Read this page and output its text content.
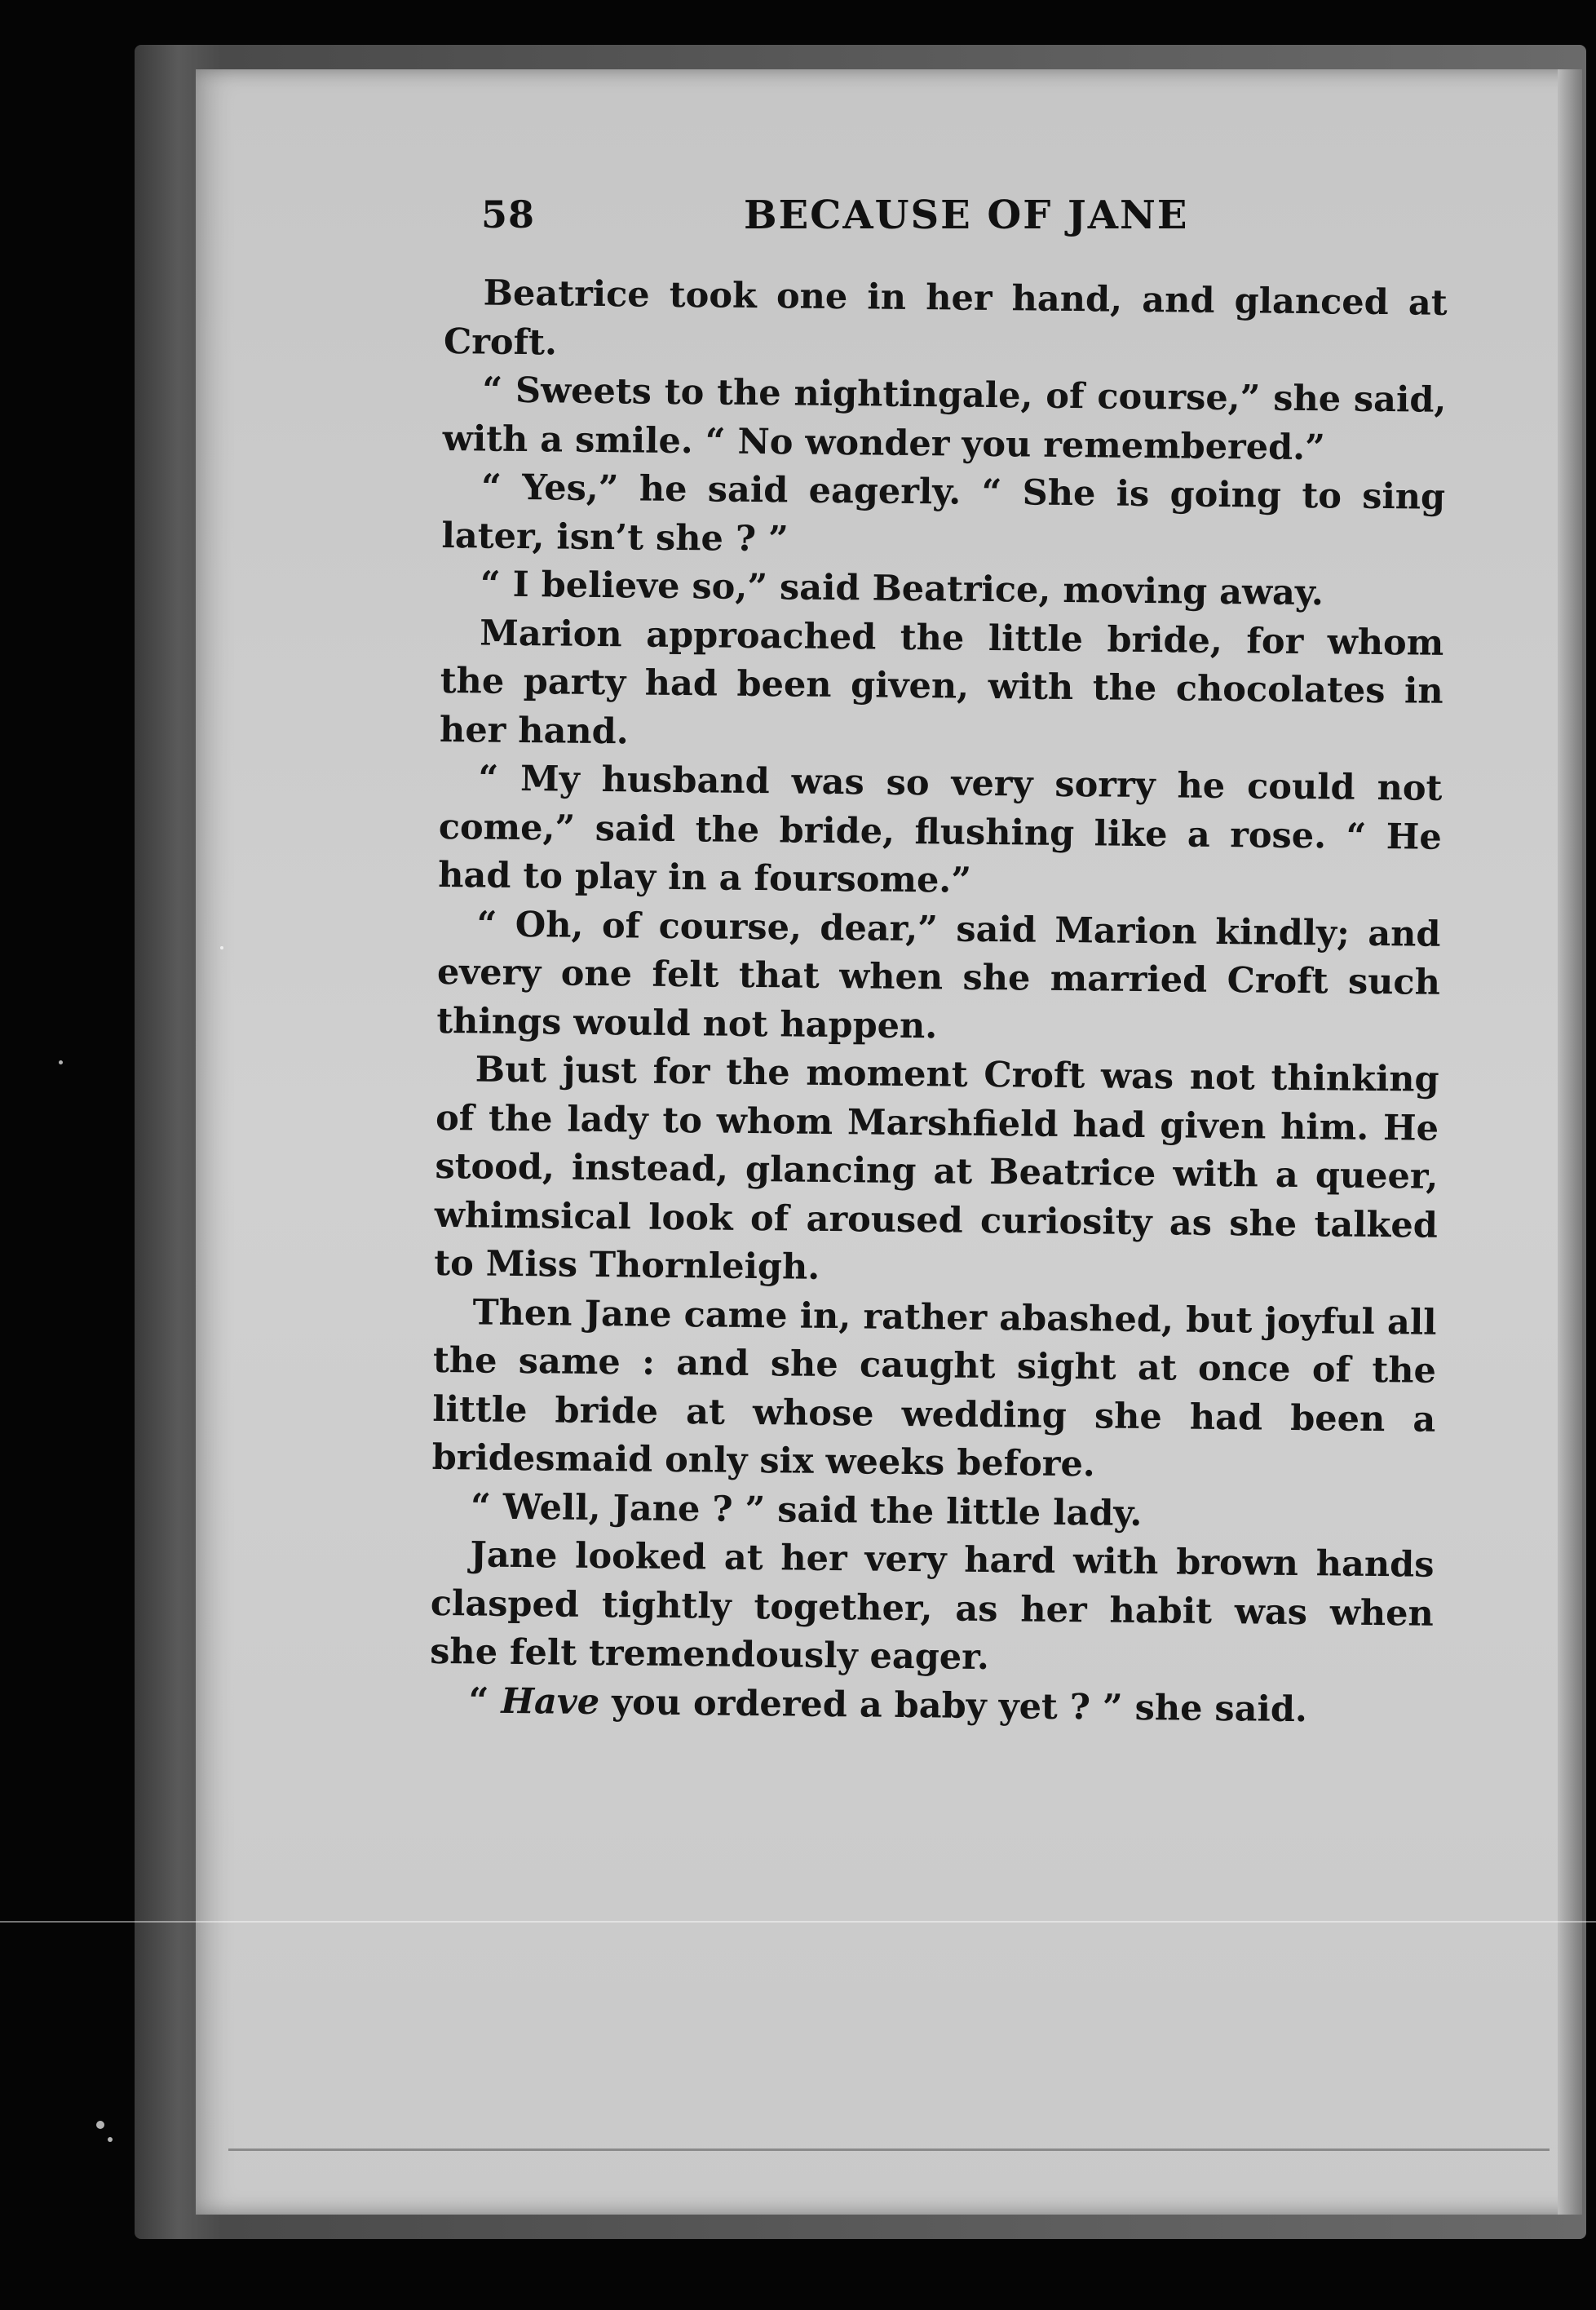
58	BECAUSE OF JANE

Beatrice took one in her hand, and glanced at Croft.

“ Sweets to the nightingale, of course,” she said, with a smile. “ No wonder you remembered.”

“ Yes,” he said eagerly. “ She is going to sing later, isn’t she ? ”

“ I believe so,” said Beatrice, moving away.

Marion approached the little bride, for whom the party had been given, with the chocolates in her hand.

“ My husband was so very sorry he could not come,” said the bride, flushing like a rose. “ He had to play in a foursome.”

“ Oh, of course, dear,” said Marion kindly; and every one felt that when she married Croft such things would not happen.

But just for the moment Croft was not thinking of the lady to whom Marshfield had given him. He stood, instead, glancing at Beatrice with a queer, whimsical look of aroused curiosity as she talked to Miss Thornleigh.

Then Jane came in, rather abashed, but joyful all the same : and she caught sight at once of the little bride at whose wedding she had been a bridesmaid only six weeks before.

“ Well, Jane ? ” said the little lady.

Jane looked at her very hard with brown hands clasped tightly together, as her habit was when she felt tremendously eager.

“ Have you ordered a baby yet ? ” she said.
